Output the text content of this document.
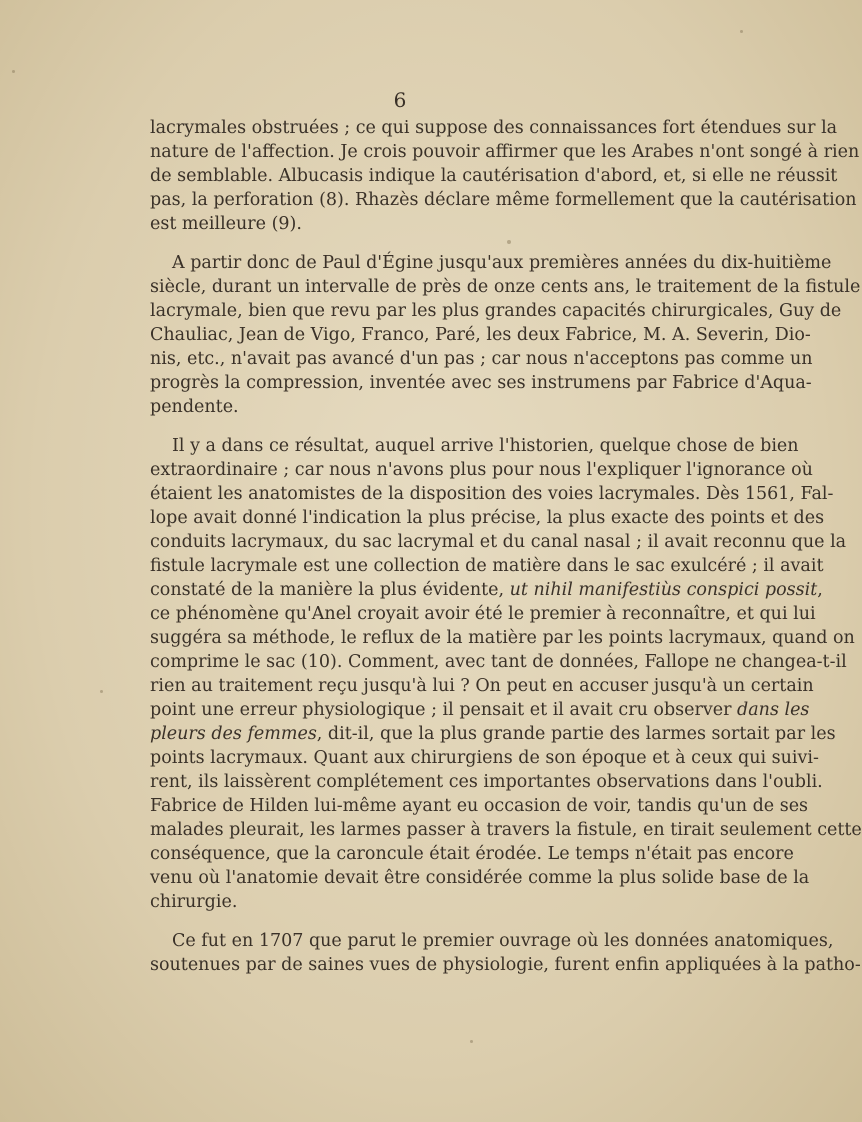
6

lacrymales obstruées ; ce qui suppose des connaissances fort étendues sur la
nature de l'affection. Je crois pouvoir affirmer que les Arabes n'ont songé à rien
de semblable. Albucasis indique la cautérisation d'abord, et, si elle ne réussit
pas, la perforation (8). Rhazès déclare même formellement que la cautérisation
est meilleure (9).

A partir donc de Paul d'Égine jusqu'aux premières années du dix-huitième
siècle, durant un intervalle de près de onze cents ans, le traitement de la fistule
lacrymale, bien que revu par les plus grandes capacités chirurgicales, Guy de
Chauliac, Jean de Vigo, Franco, Paré, les deux Fabrice, M. A. Severin, Dio-
nis, etc., n'avait pas avancé d'un pas ; car nous n'acceptons pas comme un
progrès la compression, inventée avec ses instrumens par Fabrice d'Aqua-
pendente.

Il y a dans ce résultat, auquel arrive l'historien, quelque chose de bien
extraordinaire ; car nous n'avons plus pour nous l'expliquer l'ignorance où
étaient les anatomistes de la disposition des voies lacrymales. Dès 1561, Fal-
lope avait donné l'indication la plus précise, la plus exacte des points et des
conduits lacrymaux, du sac lacrymal et du canal nasal ; il avait reconnu que la
fistule lacrymale est une collection de matière dans le sac exulcéré ; il avait
constaté de la manière la plus évidente, ut nihil manifestiùs conspici possit,
ce phénomène qu'Anel croyait avoir été le premier à reconnaître, et qui lui
suggéra sa méthode, le reflux de la matière par les points lacrymaux, quand on
comprime le sac (10). Comment, avec tant de données, Fallope ne changea-t-il
rien au traitement reçu jusqu'à lui ? On peut en accuser jusqu'à un certain
point une erreur physiologique ; il pensait et il avait cru observer dans les
pleurs des femmes, dit-il, que la plus grande partie des larmes sortait par les
points lacrymaux. Quant aux chirurgiens de son époque et à ceux qui suivi-
rent, ils laissèrent complétement ces importantes observations dans l'oubli.
Fabrice de Hilden lui-même ayant eu occasion de voir, tandis qu'un de ses
malades pleurait, les larmes passer à travers la fistule, en tirait seulement cette
conséquence, que la caroncule était érodée. Le temps n'était pas encore
venu où l'anatomie devait être considérée comme la plus solide base de la
chirurgie.

Ce fut en 1707 que parut le premier ouvrage où les données anatomiques,
soutenues par de saines vues de physiologie, furent enfin appliquées à la patho-
